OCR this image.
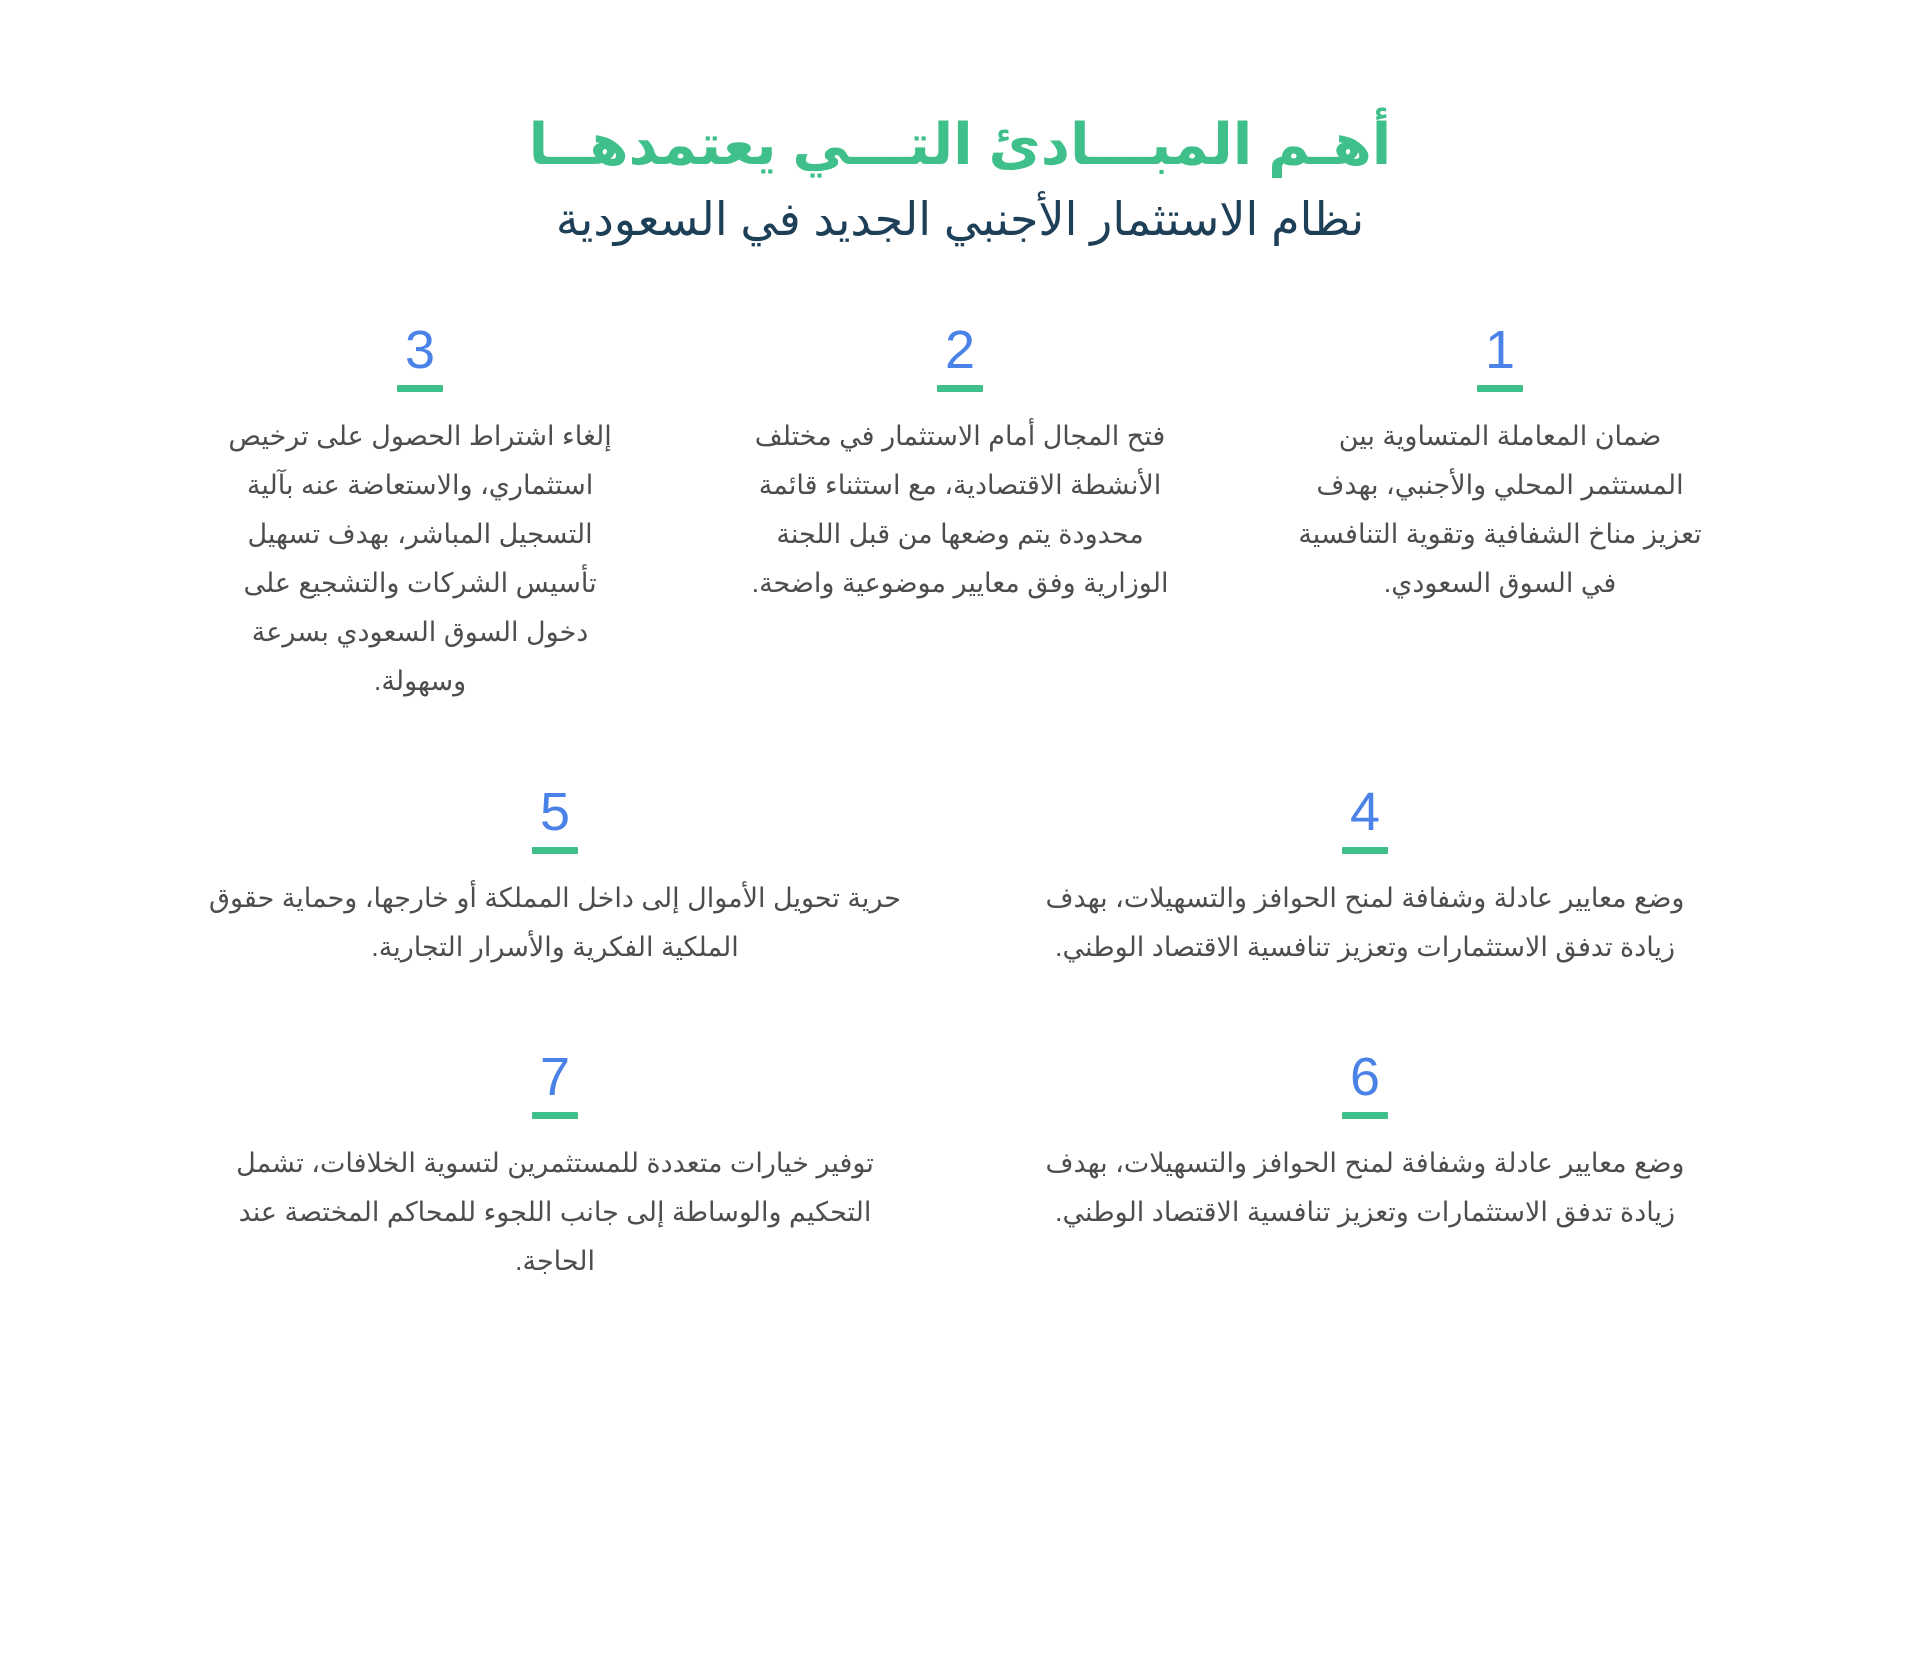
أهـم المبـــادئ التـــي يعتمدهــا
نظام الاستثمار الأجنبي الجديد في السعودية
1

ضمان المعاملة المتساوية بين المستثمر المحلي والأجنبي، بهدف تعزيز مناخ الشفافية وتقوية التنافسية في السوق السعودي.

2

فتح المجال أمام الاستثمار في مختلف الأنشطة الاقتصادية، مع استثناء قائمة محدودة يتم وضعها من قبل اللجنة الوزارية وفق معايير موضوعية واضحة.

3

إلغاء اشتراط الحصول على ترخيص استثماري، والاستعاضة عنه بآلية التسجيل المباشر، بهدف تسهيل تأسيس الشركات والتشجيع على دخول السوق السعودي بسرعة وسهولة.

4

وضع معايير عادلة وشفافة لمنح الحوافز والتسهيلات، بهدف زيادة تدفق الاستثمارات وتعزيز تنافسية الاقتصاد الوطني.

5

حرية تحويل الأموال إلى داخل المملكة أو خارجها، وحماية حقوق الملكية الفكرية والأسرار التجارية.

6

وضع معايير عادلة وشفافة لمنح الحوافز والتسهيلات، بهدف زيادة تدفق الاستثمارات وتعزيز تنافسية الاقتصاد الوطني.

7

توفير خيارات متعددة للمستثمرين لتسوية الخلافات، تشمل التحكيم والوساطة إلى جانب اللجوء للمحاكم المختصة عند الحاجة.
